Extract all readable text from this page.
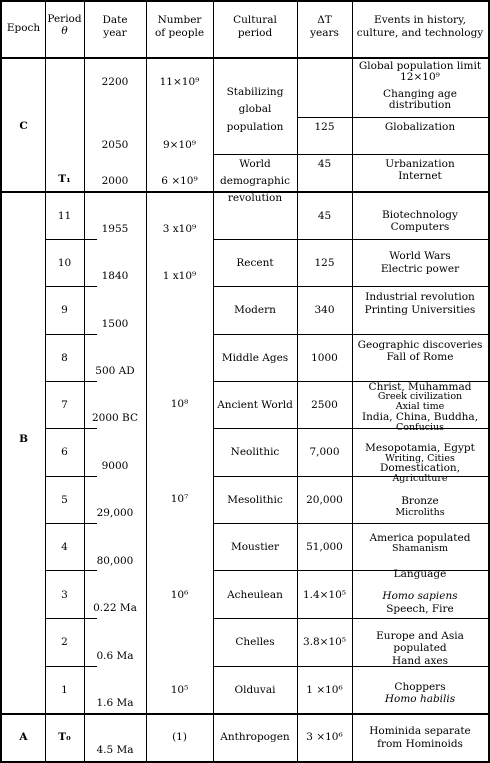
Epoch
Period
θ
Date
year
Number
of people
Cultural
period
ΔT
years
Events in history,
culture, and technology
C
B
A
T₁
11
10
9
8
7
6
5
4
3
2
1
T₀
2200
2050
2000
1955
1840
1500
500 AD
2000 BC
9000
29,000
80,000
0.22 Ma
0.6 Ma
1.6 Ma
4.5 Ma
11×10⁹
9×10⁹
6 ×10⁹
3 x10⁹
1 x10⁹
10⁸
10⁷
10⁶
10⁵
(1)
Stabilizing
global
population
World
demographic
revolution
Recent
Modern
Middle Ages
Ancient World
Neolithic
Mesolithic
Moustier
Acheulean
Chelles
Olduvai
Anthropogen
125
45
45
125
340
1000
2500
7,000
20,000
51,000
1.4×10⁵
3.8×10⁵
1 ×10⁶
3 ×10⁶
Global population limit
12×10⁹
Changing age
distribution
Globalization
Urbanization
Internet
Biotechnology
Computers
World Wars
Electric power
Industrial revolution
Printing Universities
Geographic discoveries
Fall of Rome
Christ, Muhammad
Greek civilization
Axial time
India, China, Buddha,
Confucius
Mesopotamia, Egypt
Writing, Cities
Domestication,
Agriculture
Bronze
Microliths
America populated
Shamanism
Language
Homo sapiens
Speech, Fire
Europe and Asia
populated
Hand axes
Choppers
Homo habilis
Hominida separate
from Hominoids
